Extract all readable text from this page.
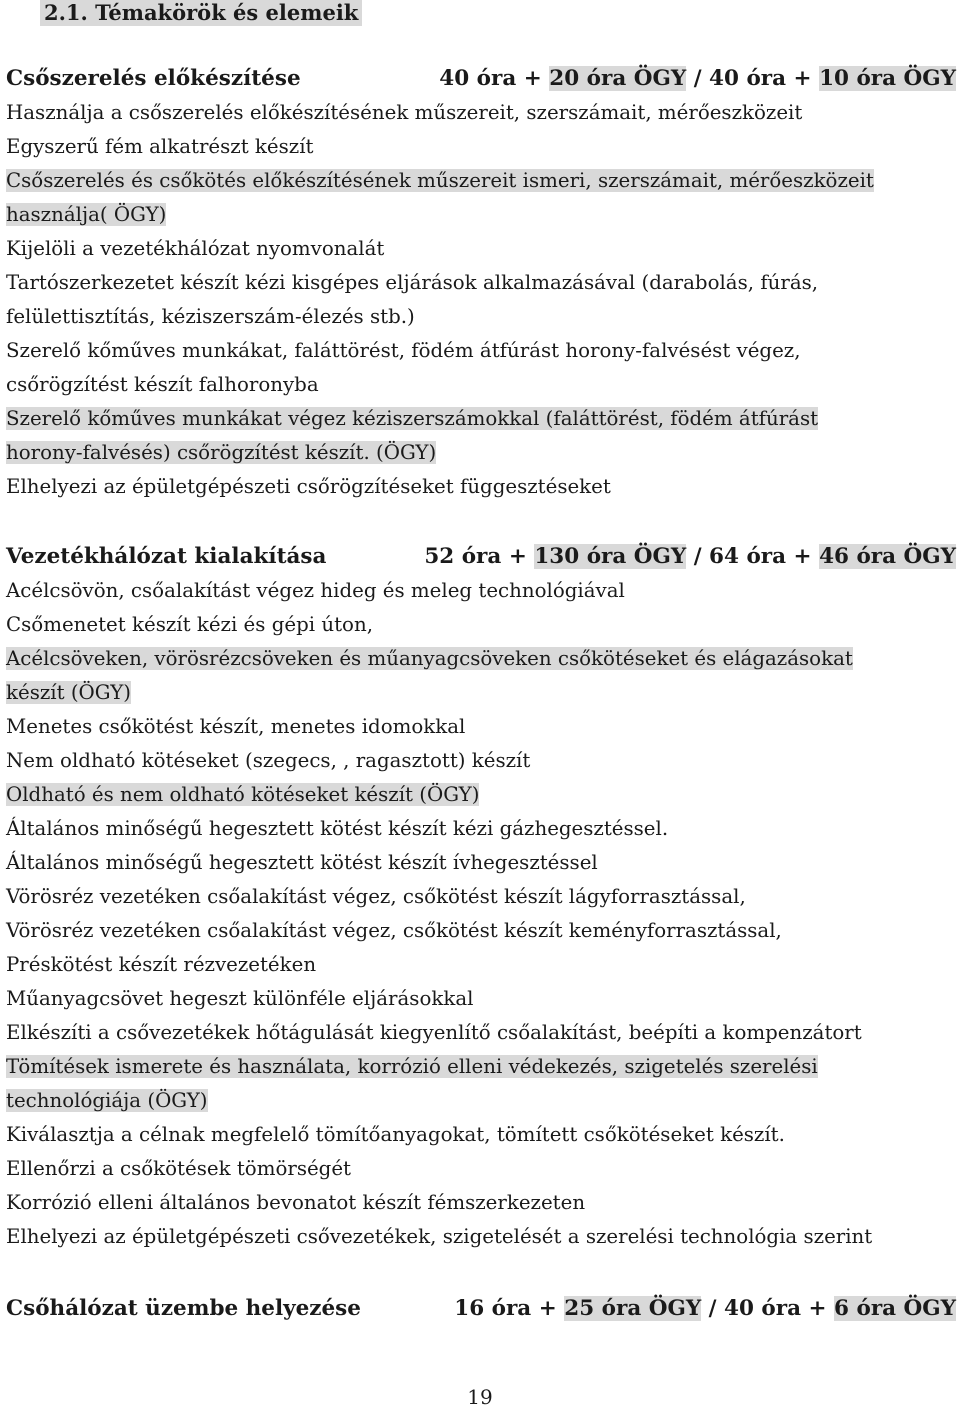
2.1. Témakörök és elemeik
Csőszerelés előkészítése	40 óra + 20 óra ÖGY / 40 óra + 10 óra ÖGY

Használja a csőszerelés előkészítésének műszereit, szerszámait, mérőeszközeit

Egyszerű fém alkatrészt készít

Csőszerelés és csőkötés előkészítésének műszereit ismeri, szerszámait, mérőeszközeit

használja( ÖGY)

Kijelöli a vezetékhálózat nyomvonalát

Tartószerkezetet készít kézi kisgépes eljárások alkalmazásával (darabolás, fúrás,

felülettisztítás, kéziszerszám-élezés stb.)

Szerelő kőműves munkákat, faláttörést, födém átfúrást horony-falvésést végez,

csőrögzítést készít falhoronyba

Szerelő kőműves munkákat végez kéziszerszámokkal (faláttörést, födém átfúrást

horony-falvésés) csőrögzítést készít. (ÖGY)

Elhelyezi az épületgépészeti csőrögzítéseket függesztéseket

Vezetékhálózat kialakítása	52 óra + 130 óra ÖGY / 64 óra + 46 óra ÖGY

Acélcsövön, csőalakítást végez hideg és meleg technológiával

Csőmenetet készít kézi és gépi úton,

Acélcsöveken, vörösrézcsöveken és műanyagcsöveken csőkötéseket és elágazásokat

készít (ÖGY)

Menetes csőkötést készít, menetes idomokkal

Nem oldható kötéseket (szegecs, , ragasztott) készít

Oldható és nem oldható kötéseket készít (ÖGY)

Általános minőségű hegesztett kötést készít kézi gázhegesztéssel.

Általános minőségű hegesztett kötést készít ívhegesztéssel

Vörösréz vezetéken csőalakítást végez, csőkötést készít lágyforrasztással,

Vörösréz vezetéken csőalakítást végez, csőkötést készít keményforrasztással,

Préskötést készít rézvezetéken

Műanyagcsövet hegeszt különféle eljárásokkal

Elkészíti a csővezetékek hőtágulását kiegyenlítő csőalakítást, beépíti a kompenzátort

Tömítések ismerete és használata, korrózió elleni védekezés, szigetelés szerelési

technológiája (ÖGY)

Kiválasztja a célnak megfelelő tömítőanyagokat, tömített csőkötéseket készít.

Ellenőrzi a csőkötések tömörségét

Korrózió elleni általános bevonatot készít fémszerkezeten

Elhelyezi az épületgépészeti csővezetékek, szigetelését a szerelési technológia szerint

Csőhálózat üzembe helyezése	16 óra + 25 óra ÖGY / 40 óra + 6 óra ÖGY
19
